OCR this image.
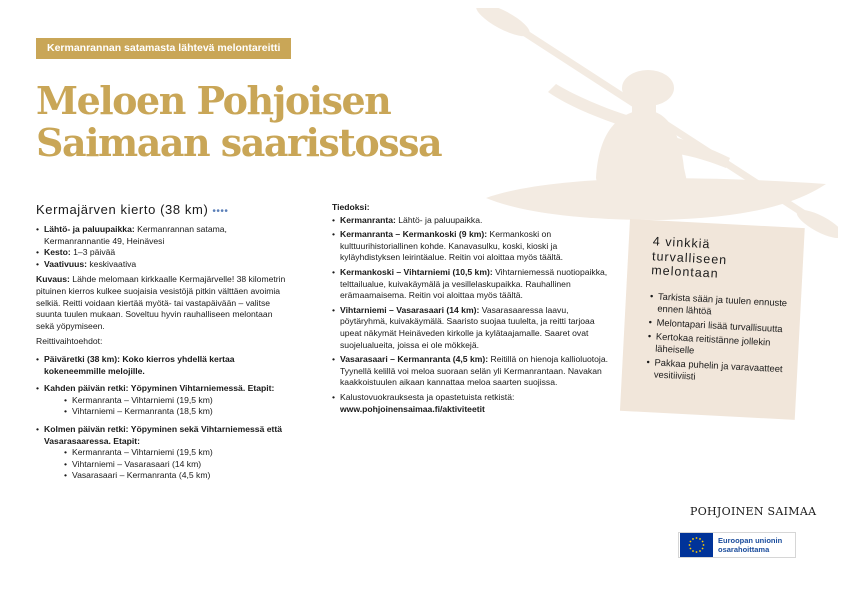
Kermanrannan satamasta lähtevä melontareitti
Meloen Pohjoisen
Saimaan saaristossa
Kermajärven kierto (38 km) ••••
• Lähtö- ja paluupaikka: Kermanrannan satama, Kermanrannantie 49, Heinävesi
• Kesto: 1–3 päivää
• Vaativuus: keskivaativa
Kuvaus: Lähde melomaan kirkkaalle Kermajärvelle! 38 kilometrin pituinen kierros kulkee suojaisia vesistöjä pitkin välttäen avoimia selkiä. Reitti voidaan kiertää myötä- tai vastapäivään – valitse suunta tuulen mukaan. Soveltuu hyvin rauhalliseen melontaan sekä yöpymiseen.
Reittivaihtoehdot:
• Päiväretki (38 km): Koko kierros yhdellä kertaa kokeneemmille melojille.
• Kahden päivän retki: Yöpyminen Vihtarniemessä. Etapit:
• Kermanranta – Vihtarniemi (19,5 km)
• Vihtarniemi – Kermanranta (18,5 km)
• Kolmen päivän retki: Yöpyminen sekä Vihtarniemessä että Vasarasaaressa. Etapit:
• Kermanranta – Vihtarniemi (19,5 km)
• Vihtarniemi – Vasarasaari (14 km)
• Vasarasaari – Kermanranta (4,5 km)
Tiedoksi:
• Kermanranta: Lähtö- ja paluupaikka.
• Kermanranta – Kermankoski (9 km): Kermankoski on kulttuurihistoriallinen kohde. Kanavasulku, koski, kioski ja kyläyhdistyksen leirintäalue. Reitin voi aloittaa myös täältä.
• Kermankoski – Vihtarniemi (10,5 km): Vihtarniemessä nuotiopaikka, telttailualue, kuivakäymälä ja vesillelaskupaikka. Rauhallinen erämaamaisema. Reitin voi aloittaa myös täältä.
• Vihtarniemi – Vasarasaari (14 km): Vasarasaaressa laavu, pöytäryhmä, kuivakäymälä. Saaristo suojaa tuulelta, ja reitti tarjoaa upeat näkymät Heinäveden kirkolle ja kylätaajamalle. Saaret ovat suojelualueita, joissa ei ole mökkejä.
• Vasarasaari – Kermanranta (4,5 km): Reitillä on hienoja kallioluotoja. Tyynellä kelillä voi meloa suoraan selän yli Kermanrantaan. Navakan kaakkoistuulen aikaan kannattaa meloa saarten suojissa.
• Kalustovuokrauksesta ja opastetuista retkistä:
www.pohjoinensaimaa.fi/aktiviteetit
4 vinkkiä
turvalliseen
melontaan
• Tarkista sään ja tuulen ennuste ennen lähtöä
• Melontapari lisää turvallisuutta
• Kertokaa reitistänne jollekin läheiselle
• Pakkaa puhelin ja varavaatteet vesitiiviisti
POHJOINEN SAIMAA
Euroopan unionin
osarahoittama
